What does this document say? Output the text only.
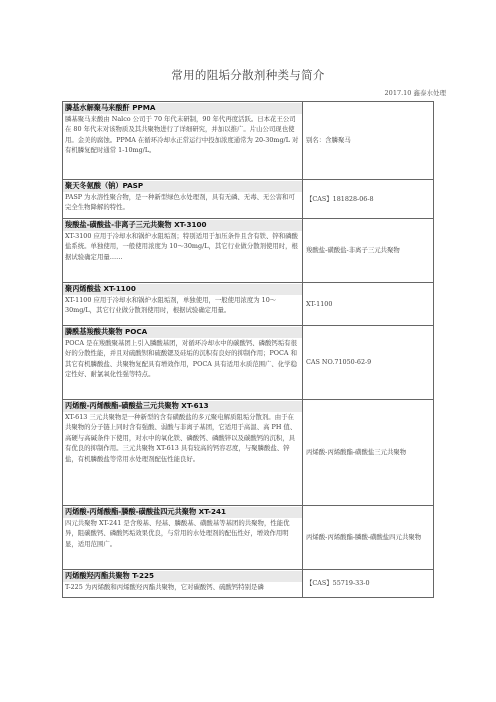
常用的阻垢分散剂种类与简介
2017.10 鑫泰水处理
膦基水解聚马来酸酐 PPMA
膦基聚马来酸由 Nalco 公司于 70 年代末研制，90 年代再度活跃。日本花王公司在 80 年代末对该物质及其共聚物进行了详细研究，并加以推广。片山公司现也使用。金美的腐蚀。PPMA 在循环冷却水正常运行中投加浓度通常为 20-30mg/L 对有机膦复配时通常 1-10mg/L。	别名：含膦聚马

聚天冬氨酸（钠）PASP
PASP 为水溶性聚合物，是一种新型绿色水处理剂，具有无磷、无毒、无公害和可完全生物降解的特性。	【CAS】181828-06-8

羧酸盐-磺酸盐-非离子三元共聚物 XT-3100
XT-3100 应用于冷却水和锅炉水阻垢剂；特别适用于加压条件且含有铁、锌和磷酸盐系统。单独使用，一般使用浓度为 10～30mg/L，其它行业做分散剂使用时，根据试验确定用量……	羧酸盐-磺酸盐-非离子三元共聚物

聚丙烯酸盐 XT-1100
XT-1100 应用于冷却水和锅炉水阻垢剂，单独使用，一般使用浓度为 10～30mg/L，其它行业做分散剂使用时，根据试验确定用量。	XT-1100

膦酰基羧酸共聚物 POCA
POCA 是在羧酸聚基团上引入膦酸基团，对循环冷却水中的碳酸钙、磷酸钙垢有很好的分散性能，并且对硫酸钡和硫酸锶及硅垢的沉积有良好的抑制作用；POCA 和其它有机膦酸盐、共聚物复配具有增效作用，POCA 具有适用水质范围广、化学稳定性好、耐氯氧化性强等特点。	CAS NO.71050-62-9

丙烯酸-丙烯酸酯-磺酸盐三元共聚物 XT-613
XT-613 三元共聚物是一种新型的含有磺酸盐的多元聚电解质阻垢分散剂。由于在共聚物的分子链上同时含有强酸、弱酸与非离子基团，它适用于高温、高 PH 值、高硬与高碱条件下使用，对水中的氧化铁、磷酸钙、磷酸锌以及碳酸钙的沉积，具有优良的抑制作用。三元共聚物 XT-613 具有较高的钙容忍度，与聚膦酸盐、锌盐，有机膦酸盐等常用水处理剂配伍性能良好。	丙烯酸-丙烯酸酯-磺酸盐三元共聚物

丙烯酸-丙烯酸酯-膦酸-磺酸盐四元共聚物 XT-241
四元共聚物 XT-241 是含羧基、羟基、膦酸基、磺酸基等基团的共聚物，性能优异，阻碳酸钙、磷酸钙垢效果优良，与常用的水处理剂的配伍性好，增效作用明显，适用范围广。	丙烯酸-丙烯酸酯-膦酸-磺酸盐四元共聚物

丙烯酸羟丙酯共聚物 T-225
T-225 为丙烯酸和丙烯酸羟丙酯共聚物，它对碳酸钙、硫酸钙特别是磷	【CAS】55719-33-0
